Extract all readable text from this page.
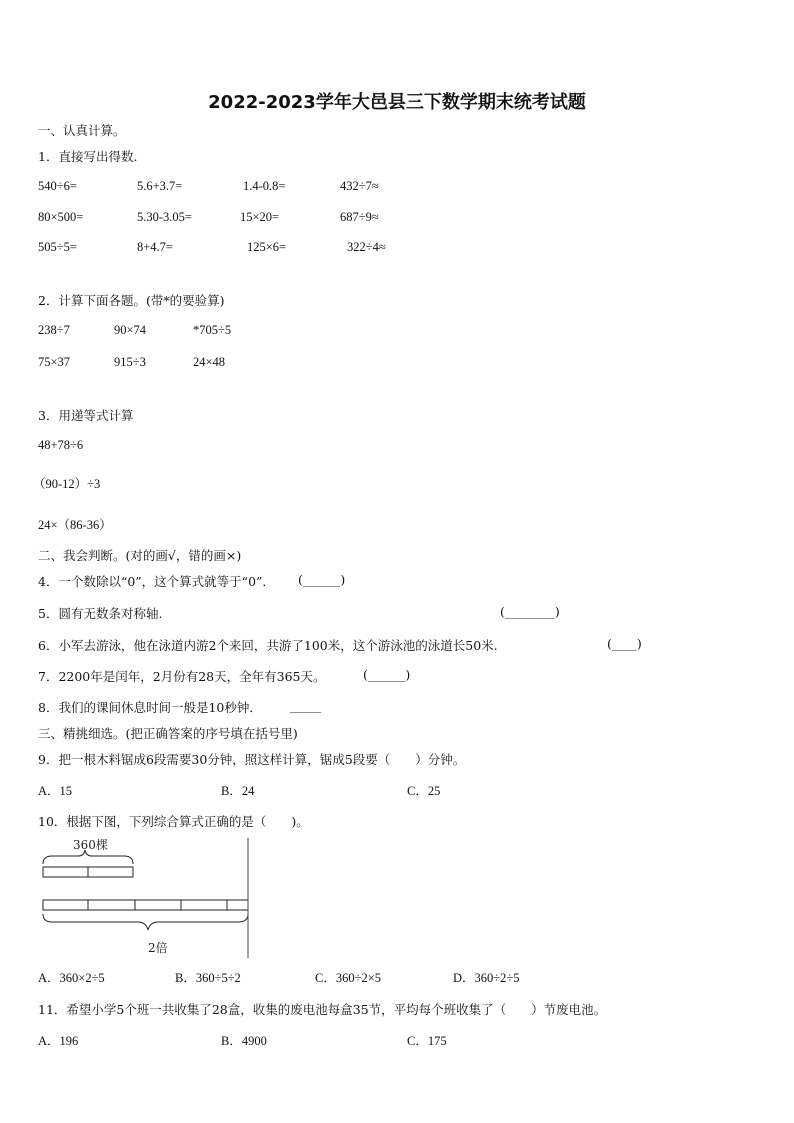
2022-2023学年大邑县三下数学期末统考试题
一、认真计算。
1．直接写出得数.
540÷6=	5.6+3.7=	1.4-0.8=	432÷7≈
80×500=	5.30-3.05=	15×20=	687÷9≈
505÷5=	8+4.7=	125×6=	322÷4≈
2．计算下面各题。(带*的要验算)
238÷7	90×74	*705÷5
75×37	915÷3	24×48
3．用递等式计算
48+78÷6
（90-12）÷3
24×（86-36）
二、我会判断。(对的画√，错的画×)
4．一个数除以“0”，这个算式就等于“0”． (______)
5．圆有无数条对称轴.	(________)
6．小军去游泳，他在泳道内游2个来回，共游了100米，这个游泳池的泳道长50米.	(____)
7．2200年是闰年，2月份有28天，全年有365天。	(______)
8．我们的课间休息时间一般是10秒钟． _____
三、精挑细选。(把正确答案的序号填在括号里)
9．把一根木料锯成6段需要30分钟，照这样计算，锯成5段要（　　）分钟。
A．15	B．24	C．25
10．根据下图，下列综合算式正确的是（　　)。
360棵
2倍
A．360×2÷5	B．360÷5÷2	C．360÷2×5	D．360÷2÷5
11．希望小学5个班一共收集了28盒，收集的废电池每盒35节，平均每个班收集了（　　）节废电池。
A．196	B．4900	C．175
